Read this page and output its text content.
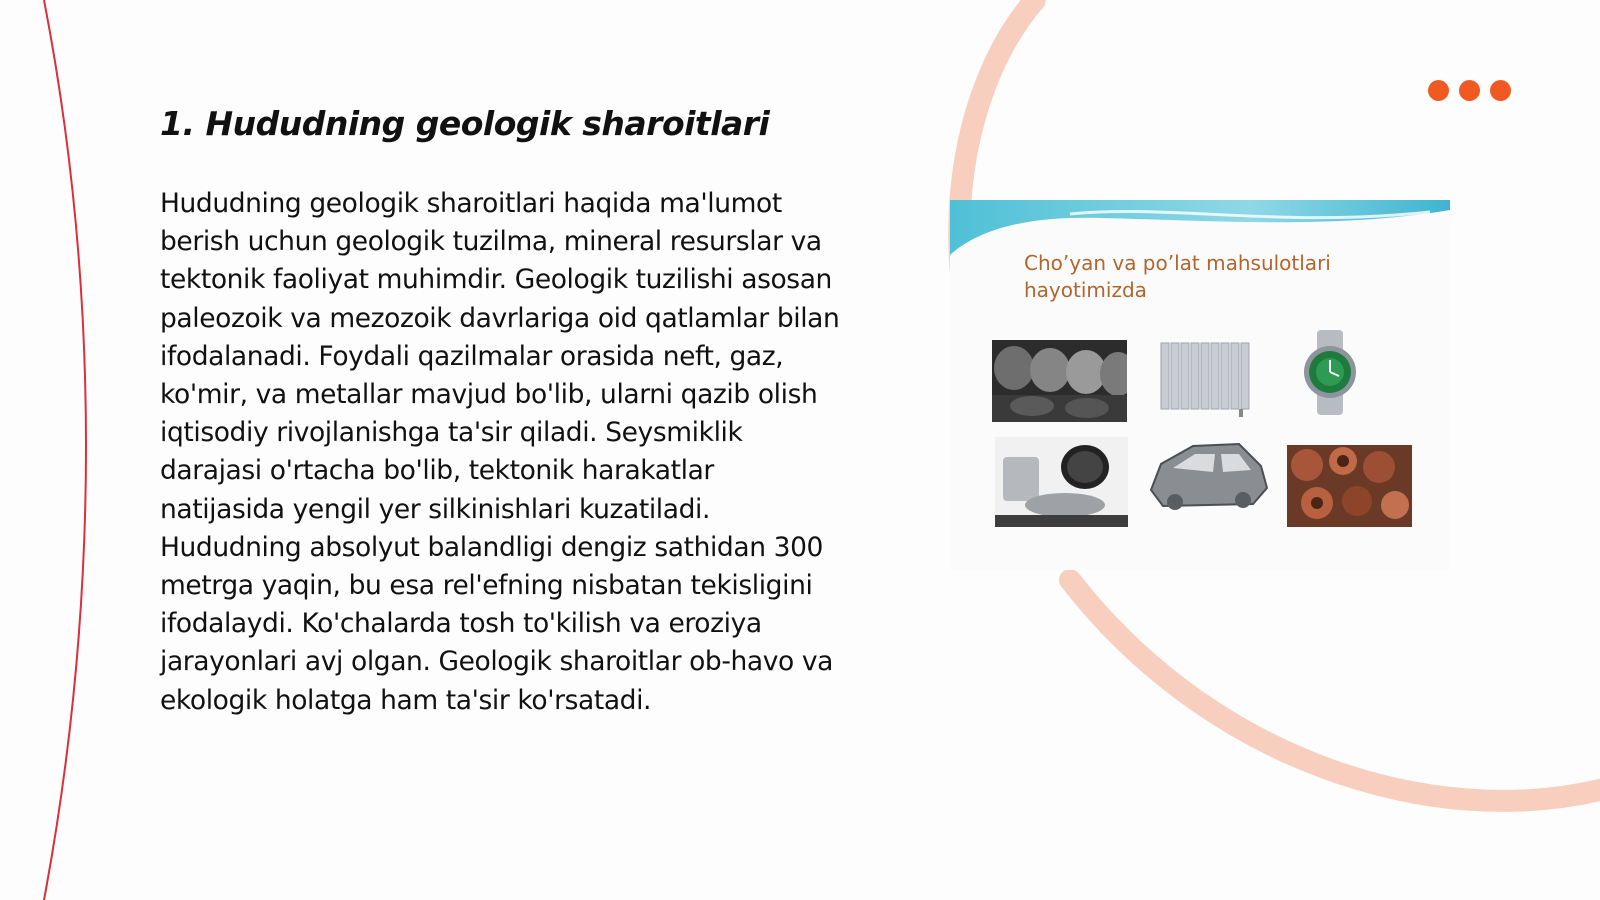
1. Hududning geologik sharoitlari
Hududning geologik sharoitlari haqida ma'lumot berish uchun geologik tuzilma, mineral resurslar va tektonik faoliyat muhimdir. Geologik tuzilishi asosan paleozoik va mezozoik davrlariga oid qatlamlar bilan ifodalanadi. Foydali qazilmalar orasida neft, gaz, ko'mir, va metallar mavjud bo'lib, ularni qazib olish iqtisodiy rivojlanishga ta'sir qiladi. Seysmiklik darajasi o'rtacha bo'lib, tektonik harakatlar natijasida yengil yer silkinishlari kuzatiladi. Hududning absolyut balandligi dengiz sathidan 300 metrga yaqin, bu esa rel'efning nisbatan tekisligini ifodalaydi. Ko'chalarda tosh to'kilish va eroziya jarayonlari avj olgan. Geologik sharoitlar ob-havo va ekologik holatga ham ta'sir ko'rsatadi.
Cho’yan va po’lat mahsulotlari hayotimizda
